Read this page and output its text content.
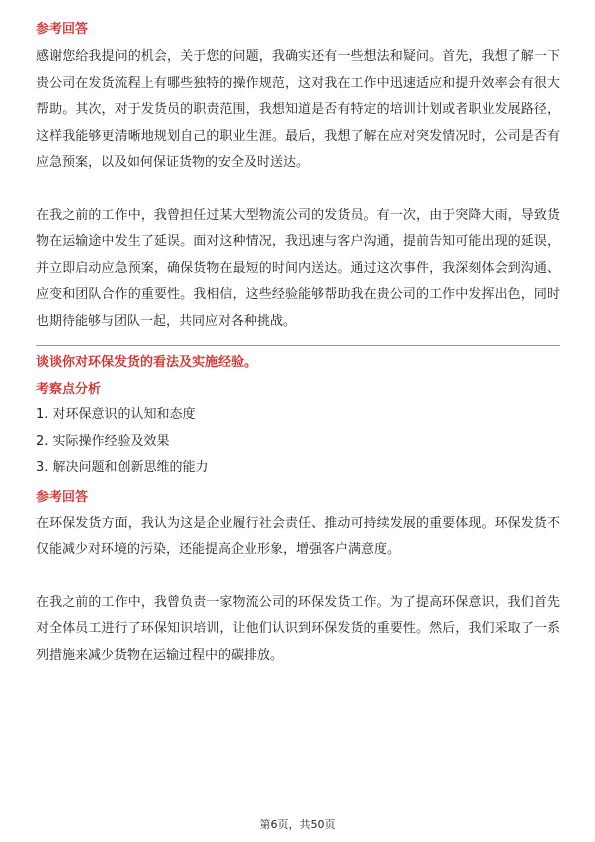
参考回答

感谢您给我提问的机会，关于您的问题，我确实还有一些想法和疑问。首先，我想了解一下贵公司在发货流程上有哪些独特的操作规范，这对我在工作中迅速适应和提升效率会有很大帮助。其次，对于发货员的职责范围，我想知道是否有特定的培训计划或者职业发展路径，这样我能够更清晰地规划自己的职业生涯。最后，我想了解在应对突发情况时，公司是否有应急预案，以及如何保证货物的安全及时送达。

在我之前的工作中，我曾担任过某大型物流公司的发货员。有一次，由于突降大雨，导致货物在运输途中发生了延误。面对这种情况，我迅速与客户沟通，提前告知可能出现的延误，并立即启动应急预案，确保货物在最短的时间内送达。通过这次事件，我深刻体会到沟通、应变和团队合作的重要性。我相信，这些经验能够帮助我在贵公司的工作中发挥出色，同时也期待能够与团队一起，共同应对各种挑战。

谈谈你对环保发货的看法及实施经验。

考察点分析

1. 对环保意识的认知和态度

2. 实际操作经验及效果

3. 解决问题和创新思维的能力

参考回答

在环保发货方面，我认为这是企业履行社会责任、推动可持续发展的重要体现。环保发货不仅能减少对环境的污染，还能提高企业形象，增强客户满意度。

在我之前的工作中，我曾负责一家物流公司的环保发货工作。为了提高环保意识，我们首先对全体员工进行了环保知识培训，让他们认识到环保发货的重要性。然后，我们采取了一系列措施来减少货物在运输过程中的碳排放。

第6页，共50页
